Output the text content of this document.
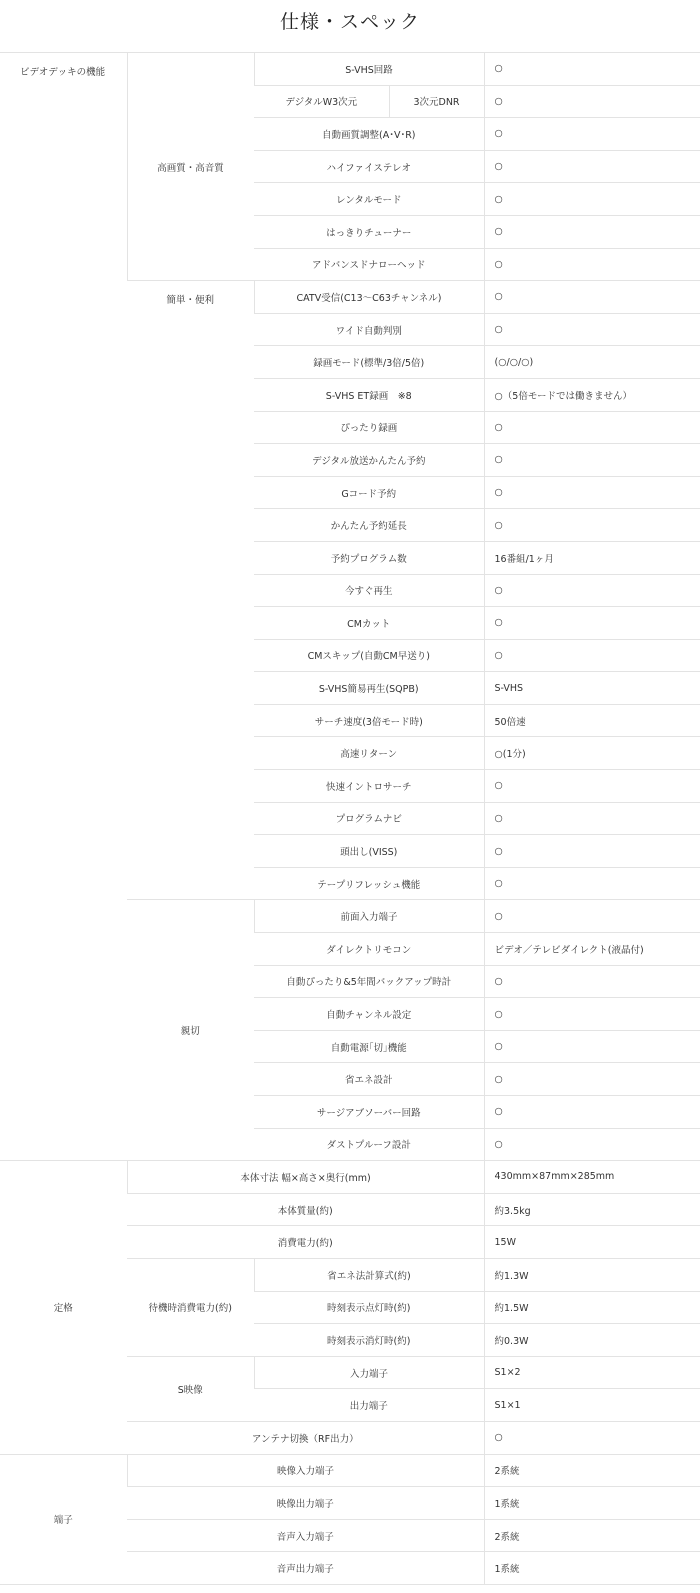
仕様・スペック
ビデオデッキの機能	高画質・高音質	S-VHS回路		○
		デジタルW3次元	3次元DNR	○
		自動画質調整(A･V･R)		○
		ハイファイステレオ		○
		レンタルモード		○
		はっきりチューナー		○
		アドバンスドナローヘッド		○
	簡単・便利	CATV受信(C13〜C63チャンネル)		○
		ワイド自動判別		○
		録画モード(標準/3倍/5倍)		(○/○/○)
		S-VHS ET録画　※8		○（5倍モードでは働きません）
		ぴったり録画		○
		デジタル放送かんたん予約		○
		Gコード予約		○
		かんたん予約延長		○
		予約プログラム数		16番組/1ヶ月
		今すぐ再生		○
		CMカット		○
		CMスキップ(自動CM早送り)		○
		S-VHS簡易再生(SQPB)		S-VHS
		サーチ速度(3倍モード時)		50倍速
		高速リターン		○(1分)
		快速イントロサーチ		○
		プログラムナビ		○
		頭出し(VISS)		○
		テープリフレッシュ機能		○
	親切	前面入力端子		○
		ダイレクトリモコン		ビデオ／テレビダイレクト(液晶付)
		自動ぴったり&5年間バックアップ時計		○
		自動チャンネル設定		○
		自動電源｢切｣機能		○
		省エネ設計		○
		サージアブソーバー回路		○
		ダストプルーフ設計		○
定格	本体寸法 幅×高さ×奥行(mm)			430mm×87mm×285mm
	本体質量(約)			約3.5kg
	消費電力(約)			15W
	待機時消費電力(約)	省エネ法計算式(約)		約1.3W
		時刻表示点灯時(約)		約1.5W
		時刻表示消灯時(約)		約0.3W
	S映像	入力端子		S1×2
		出力端子		S1×1
	アンテナ切換（RF出力）			○
端子	映像入力端子			2系統
	映像出力端子			1系統
	音声入力端子			2系統
	音声出力端子			1系統
